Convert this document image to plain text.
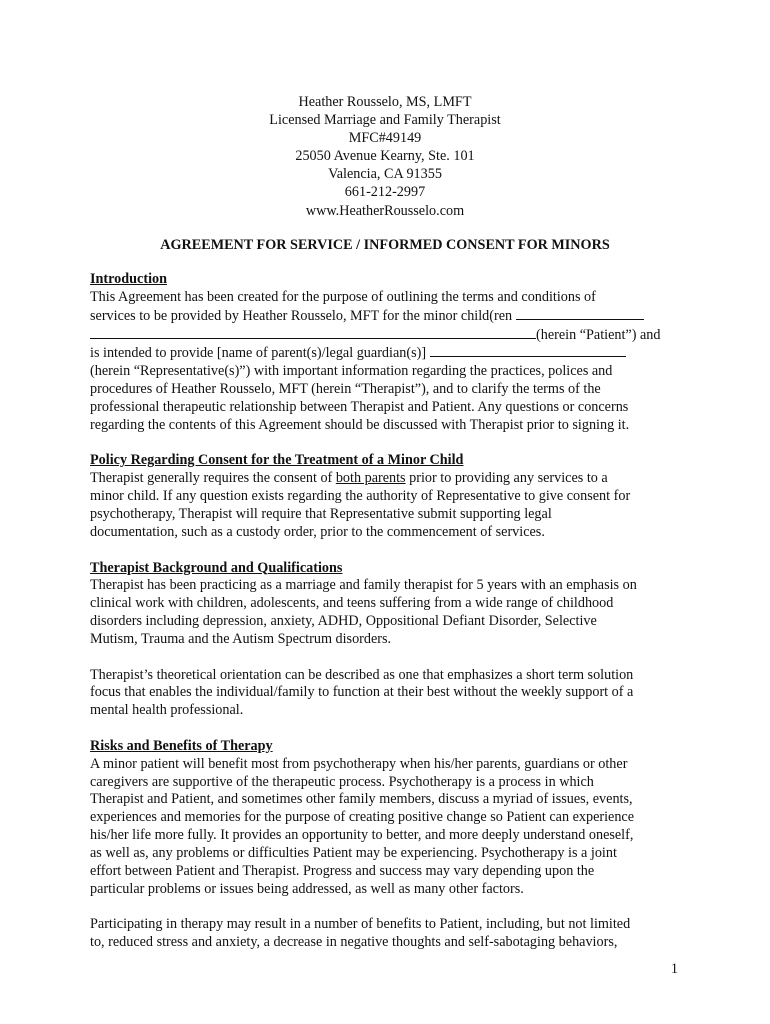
Heather Rousselo, MS, LMFT
Licensed Marriage and Family Therapist
MFC#49149
25050 Avenue Kearny, Ste. 101
Valencia, CA 91355
661-212-2997
www.HeatherRousselo.com
AGREEMENT FOR SERVICE / INFORMED CONSENT FOR MINORS
Introduction

This Agreement has been created for the purpose of outlining the terms and conditions of
services to be provided by Heather Rousselo, MFT for the minor child(ren
(herein “Patient”) and
is intended to provide [name of parent(s)/legal guardian(s)]
(herein “Representative(s)”) with important information regarding the practices, polices and
procedures of Heather Rousselo, MFT (herein “Therapist”), and to clarify the terms of the
professional therapeutic relationship between Therapist and Patient. Any questions or concerns
regarding the contents of this Agreement should be discussed with Therapist prior to signing it.

Policy Regarding Consent for the Treatment of a Minor Child

Therapist generally requires the consent of both parents prior to providing any services to a
minor child. If any question exists regarding the authority of Representative to give consent for
psychotherapy, Therapist will require that Representative submit supporting legal
documentation, such as a custody order, prior to the commencement of services.

Therapist Background and Qualifications

Therapist has been practicing as a marriage and family therapist for 5 years with an emphasis on
clinical work with children, adolescents, and teens suffering from a wide range of childhood
disorders including depression, anxiety, ADHD, Oppositional Defiant Disorder, Selective
Mutism, Trauma and the Autism Spectrum disorders.

Therapist’s theoretical orientation can be described as one that emphasizes a short term solution
focus that enables the individual/family to function at their best without the weekly support of a
mental health professional.

Risks and Benefits of Therapy

A minor patient will benefit most from psychotherapy when his/her parents, guardians or other
caregivers are supportive of the therapeutic process. Psychotherapy is a process in which
Therapist and Patient, and sometimes other family members, discuss a myriad of issues, events,
experiences and memories for the purpose of creating positive change so Patient can experience
his/her life more fully. It provides an opportunity to better, and more deeply understand oneself,
as well as, any problems or difficulties Patient may be experiencing. Psychotherapy is a joint
effort between Patient and Therapist. Progress and success may vary depending upon the
particular problems or issues being addressed, as well as many other factors.

Participating in therapy may result in a number of benefits to Patient, including, but not limited
to, reduced stress and anxiety, a decrease in negative thoughts and self-sabotaging behaviors,

1
